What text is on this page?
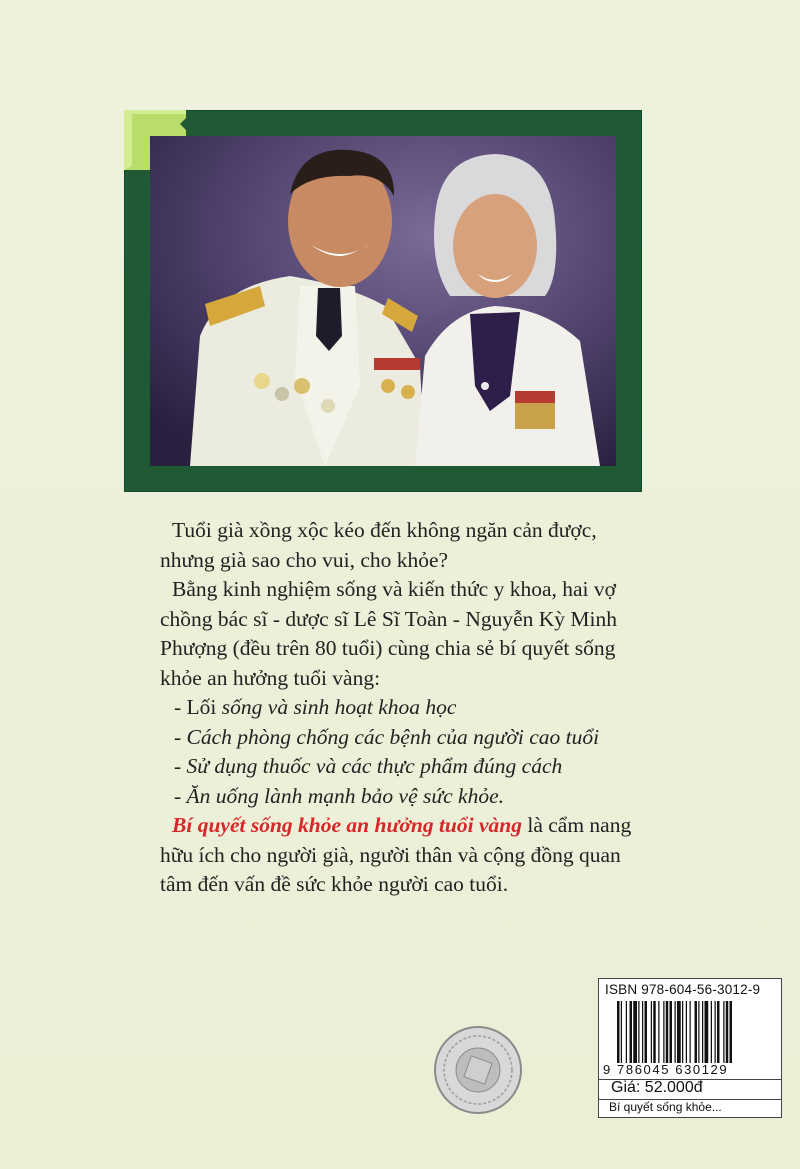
Tuổi già xồng xộc kéo đến không ngăn cản được, nhưng già sao cho vui, cho khỏe?

Bằng kinh nghiệm sống và kiến thức y khoa, hai vợ chồng bác sĩ - dược sĩ Lê Sĩ Toàn - Nguyễn Kỳ Minh Phượng (đều trên 80 tuổi) cùng chia sẻ bí quyết sống khỏe an hưởng tuổi vàng:

- Lối sống và sinh hoạt khoa học

- Cách phòng chống các bệnh của người cao tuổi

- Sử dụng thuốc và các thực phẩm đúng cách

- Ăn uống lành mạnh bảo vệ sức khỏe.

Bí quyết sống khỏe an hưởng tuổi vàng là cẩm nang hữu ích cho người già, người thân và cộng đồng quan tâm đến vấn đề sức khỏe người cao tuổi.

ISBN 978-604-56-3012-9
9 786045 630129
Giá: 52.000đ
Bí quyết sống khỏe...
